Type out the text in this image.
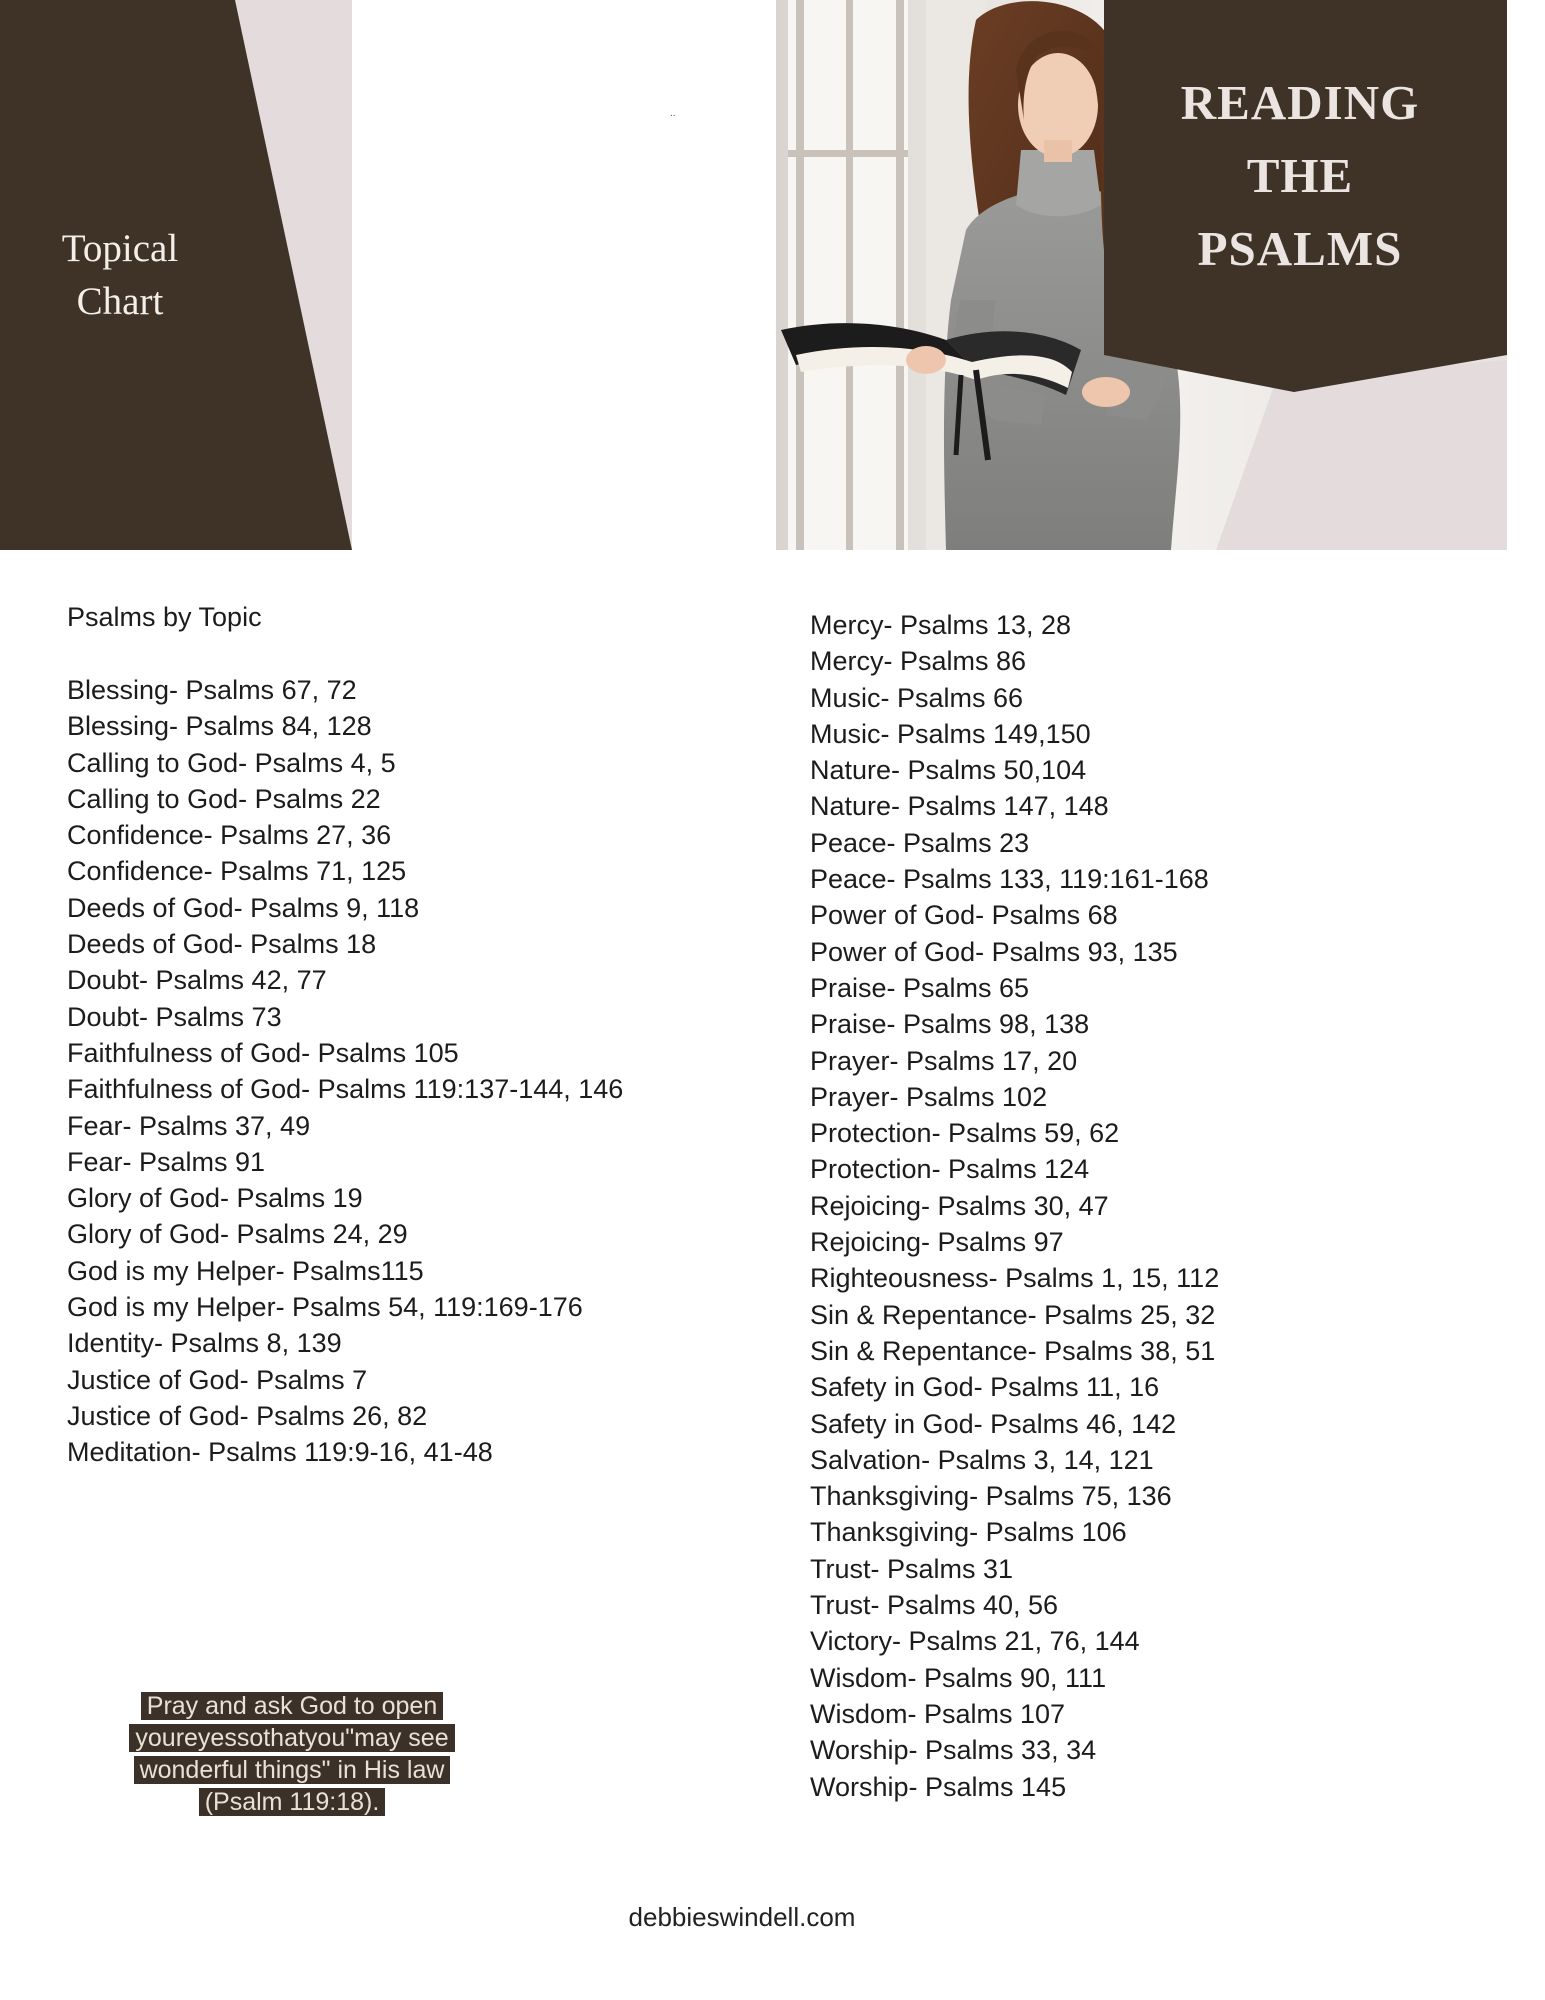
Topical
Chart
..	READING
THE
PSALMS
Psalms by Topic
Blessing- Psalms 67, 72
Blessing- Psalms 84, 128
Calling to God- Psalms 4, 5
Calling to God- Psalms 22
Confidence- Psalms 27, 36
Confidence- Psalms 71, 125
Deeds of God- Psalms 9, 118
Deeds of God- Psalms 18
Doubt- Psalms 42, 77
Doubt- Psalms 73
Faithfulness of God- Psalms 105
Faithfulness of God- Psalms 119:137-144, 146
Fear- Psalms 37, 49
Fear- Psalms 91
Glory of God- Psalms 19
Glory of God- Psalms 24, 29
God is my Helper- Psalms115
God is my Helper- Psalms 54, 119:169-176
Identity- Psalms 8, 139
Justice of God- Psalms 7
Justice of God- Psalms 26, 82
Meditation- Psalms 119:9-16, 41-48
Mercy- Psalms 13, 28
Mercy- Psalms 86
Music- Psalms 66
Music- Psalms 149,150
Nature- Psalms 50,104
Nature- Psalms 147, 148
Peace- Psalms 23
Peace- Psalms 133, 119:161-168
Power of God- Psalms 68
Power of God- Psalms 93, 135
Praise- Psalms 65
Praise- Psalms 98, 138
Prayer- Psalms 17, 20
Prayer- Psalms 102
Protection- Psalms 59, 62
Protection- Psalms 124
Rejoicing- Psalms 30, 47
Rejoicing- Psalms 97
Righteousness- Psalms 1, 15, 112
Sin & Repentance- Psalms 25, 32
Sin & Repentance- Psalms 38, 51
Safety in God- Psalms 11, 16
Safety in God- Psalms 46, 142
Salvation- Psalms 3, 14, 121
Thanksgiving- Psalms 75, 136
Thanksgiving- Psalms 106
Trust- Psalms 31
Trust- Psalms 40, 56
Victory- Psalms 21, 76, 144
Wisdom- Psalms 90, 111
Wisdom- Psalms 107
Worship- Psalms 33, 34
Worship- Psalms 145
Pray and ask God to open youreyessothatyou"may see wonderful things" in His law (Psalm 119:18).
debbieswindell.com
